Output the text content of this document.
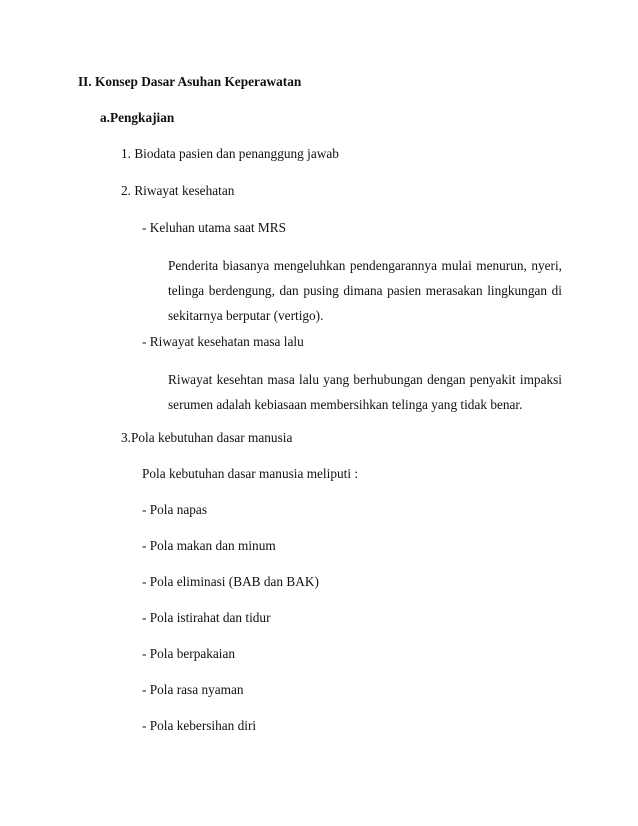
II. Konsep Dasar Asuhan Keperawatan
a.Pengkajian
1. Biodata pasien dan penanggung jawab
2. Riwayat kesehatan
- Keluhan utama saat MRS
Penderita biasanya mengeluhkan pendengarannya mulai menurun, nyeri, telinga berdengung, dan pusing dimana pasien merasakan lingkungan di sekitarnya berputar (vertigo).
- Riwayat kesehatan masa lalu
Riwayat kesehtan masa lalu yang berhubungan dengan penyakit impaksi serumen adalah kebiasaan membersihkan telinga yang tidak benar.
3.Pola kebutuhan dasar manusia
Pola kebutuhan dasar manusia meliputi :
- Pola napas
- Pola makan dan minum
- Pola eliminasi (BAB dan BAK)
- Pola istirahat dan tidur
- Pola berpakaian
- Pola rasa nyaman
- Pola kebersihan diri
